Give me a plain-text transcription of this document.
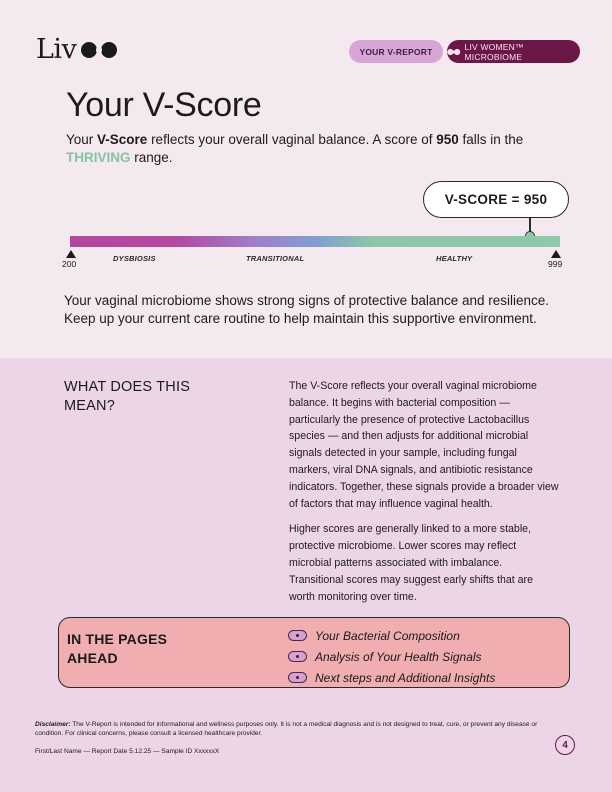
Liv	YOUR V-REPORT	LIV WOMEN™ MICROBIOME
Your V-Score

Your V-Score reflects your overall vaginal balance. A score of 950 falls in the THRIVING range.

V-SCORE = 950
200	999
DYSBIOSIS	TRANSITIONAL	HEALTHY

Your vaginal microbiome shows strong signs of protective balance and resilience. Keep up your current care routine to help maintain this supportive environment.

WHAT DOES THIS MEAN?

The V-Score reflects your overall vaginal microbiome balance. It begins with bacterial composition — particularly the presence of protective Lactobacillus species — and then adjusts for additional microbial signals detected in your sample, including fungal markers, viral DNA signals, and antibiotic resistance indicators. Together, these signals provide a broader view of factors that may influence vaginal health.

Higher scores are generally linked to a more stable, protective microbiome. Lower scores may reflect microbial patterns associated with imbalance. Transitional scores may suggest early shifts that are worth monitoring over time.

IN THE PAGES AHEAD
Your Bacterial Composition
Analysis of Your Health Signals
Next steps and Additional Insights

Disclaimer: The V-Report is intended for informational and wellness purposes only. It is not a medical diagnosis and is not designed to treat, cure, or prevent any disease or condition. For clinical concerns, please consult a licensed healthcare provider.

First/Last Name — Report Date 5.12.25 — Sample ID XxxxxxX

4
